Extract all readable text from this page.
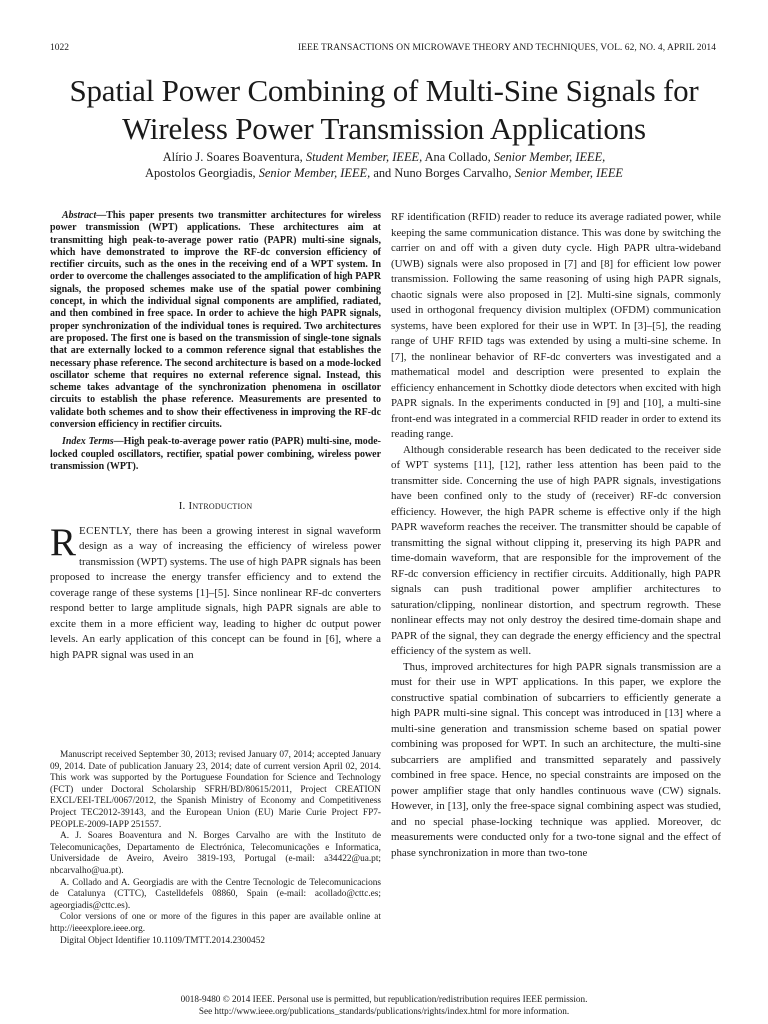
1022	IEEE TRANSACTIONS ON MICROWAVE THEORY AND TECHNIQUES, VOL. 62, NO. 4, APRIL 2014
Spatial Power Combining of Multi-Sine Signals for
Wireless Power Transmission Applications
Alírio J. Soares Boaventura, Student Member, IEEE, Ana Collado, Senior Member, IEEE,
Apostolos Georgiadis, Senior Member, IEEE, and Nuno Borges Carvalho, Senior Member, IEEE

Abstract—This paper presents two transmitter architectures for wireless power transmission (WPT) applications. These architectures aim at transmitting high peak-to-average power ratio (PAPR) multi-sine signals, which have demonstrated to improve the RF-dc conversion efficiency of rectifier circuits, such as the ones in the receiving end of a WPT system. In order to overcome the challenges associated to the amplification of high PAPR signals, the proposed schemes make use of the spatial power combining concept, in which the individual signal components are amplified, radiated, and then combined in free space. In order to achieve the high PAPR signals, proper synchronization of the individual tones is required. Two architectures are proposed. The first one is based on the transmission of single-tone signals that are externally locked to a common reference signal that establishes the necessary phase reference. The second architecture is based on a mode-locked oscillator scheme that requires no external reference signal. Instead, this scheme takes advantage of the synchronization phenomena in oscillator circuits to establish the phase reference. Measurements are presented to validate both schemes and to show their effectiveness in improving the RF-dc conversion efficiency in rectifier circuits.

Index Terms—High peak-to-average power ratio (PAPR) multi-sine, mode-locked coupled oscillators, rectifier, spatial power combining, wireless power transmission (WPT).

I. Introduction

RECENTLY, there has been a growing interest in signal waveform design as a way of increasing the efficiency of wireless power transmission (WPT) systems. The use of high PAPR signals has been proposed to increase the energy transfer efficiency and to extend the coverage range of these systems [1]–[5]. Since nonlinear RF-dc converters respond better to large amplitude signals, high PAPR signals are able to excite them in a more efficient way, leading to higher dc output power levels. An early application of this concept can be found in [6], where a high PAPR signal was used in an

Manuscript received September 30, 2013; revised January 07, 2014; accepted January 09, 2014. Date of publication January 23, 2014; date of current version April 02, 2014. This work was supported by the Portuguese Foundation for Science and Technology (FCT) under Doctoral Scholarship SFRH/BD/80615/2011, Project CREATION EXCL/EEI-TEL/0067/2012, the Spanish Ministry of Economy and Competitiveness Project TEC2012-39143, and the European Union (EU) Marie Curie Project FP7-PEOPLE-2009-IAPP 251557.

A. J. Soares Boaventura and N. Borges Carvalho are with the Instituto de Telecomunicações, Departamento de Electrónica, Telecomunicações e Informatica, Universidade de Aveiro, Aveiro 3819-193, Portugal (e-mail: a34422@ua.pt; nbcarvalho@ua.pt).

A. Collado and A. Georgiadis are with the Centre Tecnologic de Telecomunicacions de Catalunya (CTTC), Castelldefels 08860, Spain (e-mail: acollado@cttc.es; ageorgiadis@cttc.es).

Color versions of one or more of the figures in this paper are available online at http://ieeexplore.ieee.org.

Digital Object Identifier 10.1109/TMTT.2014.2300452

RF identification (RFID) reader to reduce its average radiated power, while keeping the same communication distance. This was done by switching the carrier on and off with a given duty cycle. High PAPR ultra-wideband (UWB) signals were also proposed in [7] and [8] for efficient low power transmission. Following the same reasoning of using high PAPR signals, chaotic signals were also proposed in [2]. Multi-sine signals, commonly used in orthogonal frequency division multiplex (OFDM) communication systems, have been explored for their use in WPT. In [3]–[5], the reading range of UHF RFID tags was extended by using a multi-sine scheme. In [7], the nonlinear behavior of RF-dc converters was investigated and a mathematical model and description were presented to explain the efficiency enhancement in Schottky diode detectors when excited with high PAPR signals. In the experiments conducted in [9] and [10], a multi-sine front-end was integrated in a commercial RFID reader in order to extend its reading range.

Although considerable research has been dedicated to the receiver side of WPT systems [11], [12], rather less attention has been paid to the transmitter side. Concerning the use of high PAPR signals, investigations have been confined only to the study of (receiver) RF-dc conversion efficiency. However, the high PAPR scheme is effective only if the high PAPR waveform reaches the receiver. The transmitter should be capable of transmitting the signal without clipping it, preserving its high PAPR and time-domain waveform, that are responsible for the improvement of the RF-dc conversion efficiency in rectifier circuits. Additionally, high PAPR signals can push traditional power amplifier architectures to saturation/clipping, nonlinear distortion, and spectrum regrowth. These nonlinear effects may not only destroy the desired time-domain shape and PAPR of the signal, they can degrade the energy efficiency and the spectral efficiency of the system as well.

Thus, improved architectures for high PAPR signals transmission are a must for their use in WPT applications. In this paper, we explore the constructive spatial combination of subcarriers to efficiently generate a high PAPR multi-sine signal. This concept was introduced in [13] where a multi-sine generation and transmission scheme based on spatial power combining was proposed for WPT. In such an architecture, the multi-sine subcarriers are amplified and transmitted separately and passively combined in free space. Hence, no special constraints are imposed on the power amplifier stage that only handles continuous wave (CW) signals. However, in [13], only the free-space signal combining aspect was studied, and no special phase-locking technique was applied. Moreover, dc measurements were conducted only for a two-tone signal and the effect of phase synchronization in more than two-tone

0018-9480 © 2014 IEEE. Personal use is permitted, but republication/redistribution requires IEEE permission.
See http://www.ieee.org/publications_standards/publications/rights/index.html for more information.
